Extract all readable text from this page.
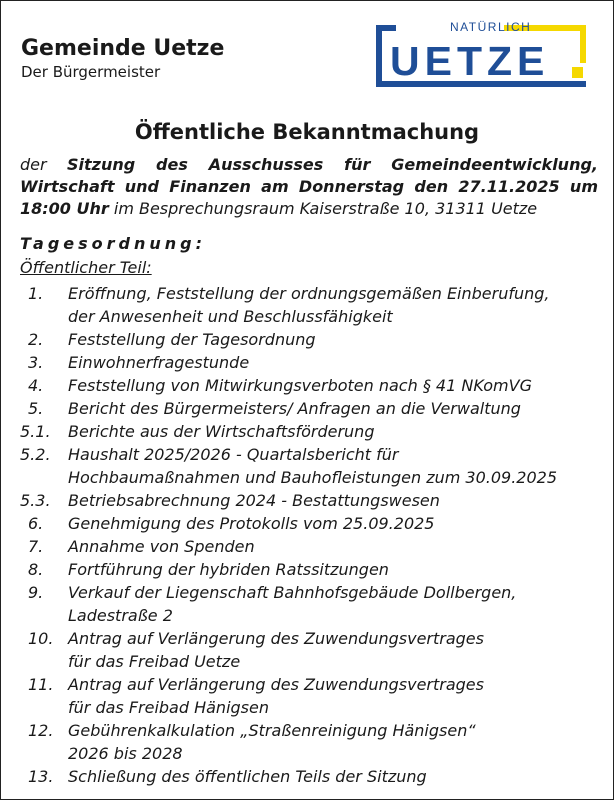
Gemeinde Uetze
Der Bürgermeister
NATÜRLICH
UETZE
Öffentliche Bekanntmachung
der Sitzung des Ausschusses für Gemeindeentwicklung, Wirtschaft und Finanzen am Donnerstag den 27.11.2025 um 18:00 Uhr im Besprechungsraum Kaiserstraße 10, 31311 Uetze
Tagesordnung:
Öffentlicher Teil:
1.	Eröffnung, Feststellung der ordnungsgemäßen Einberufung,
der Anwesenheit und Beschlussfähigkeit
2.	Feststellung der Tagesordnung
3.	Einwohnerfragestunde
4.	Feststellung von Mitwirkungsverboten nach § 41 NKomVG
5.	Bericht des Bürgermeisters/ Anfragen an die Verwaltung
5.1.	Berichte aus der Wirtschaftsförderung
5.2.	Haushalt 2025/2026 - Quartalsbericht für
Hochbaumaßnahmen und Bauhofleistungen zum 30.09.2025
5.3.	Betriebsabrechnung 2024 - Bestattungswesen
6.	Genehmigung des Protokolls vom 25.09.2025
7.	Annahme von Spenden
8.	Fortführung der hybriden Ratssitzungen
9.	Verkauf der Liegenschaft Bahnhofsgebäude Dollbergen,
Ladestraße 2
10. Antrag auf Verlängerung des Zuwendungsvertrages
für das Freibad Uetze
11. Antrag auf Verlängerung des Zuwendungsvertrages
für das Freibad Hänigsen
12. Gebührenkalkulation „Straßenreinigung Hänigsen“
2026 bis 2028
13. Schließung des öffentlichen Teils der Sitzung
